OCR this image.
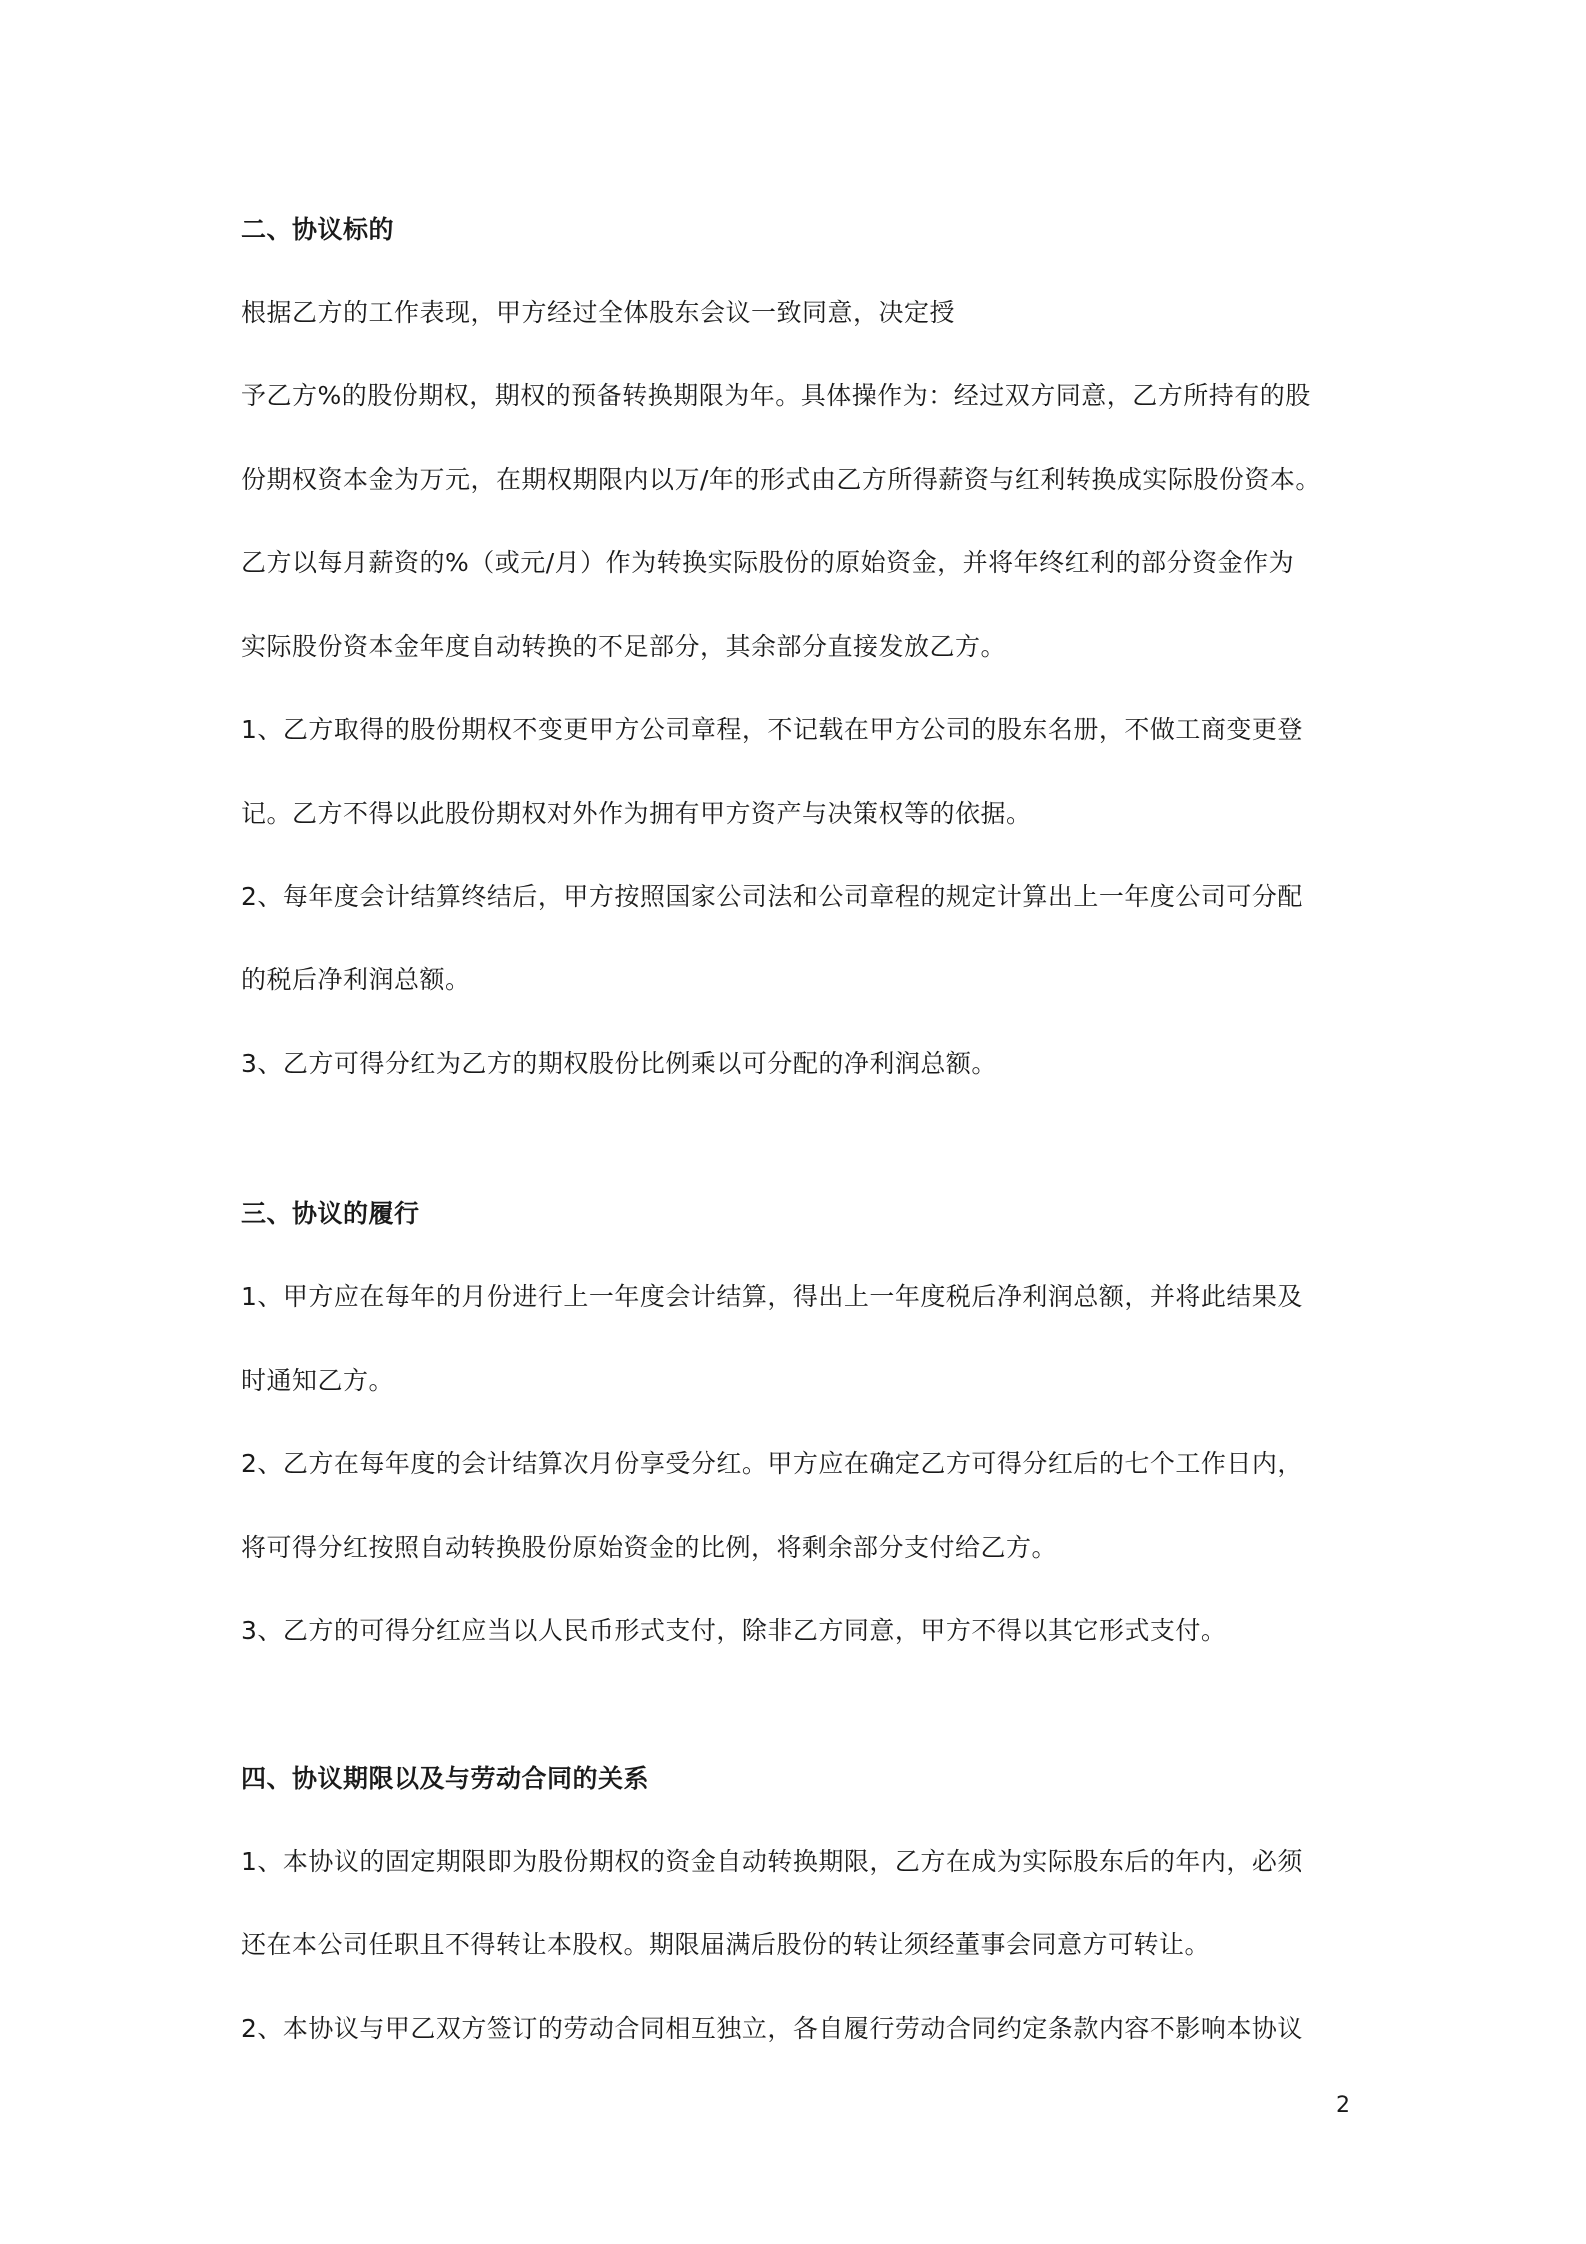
二、协议标的
根据乙方的工作表现，甲方经过全体股东会议一致同意，决定授
予乙方%的股份期权，期权的预备转换期限为年。具体操作为：经过双方同意，乙方所持有的股
份期权资本金为万元，在期权期限内以万/年的形式由乙方所得薪资与红利转换成实际股份资本。
乙方以每月薪资的%（或元/月）作为转换实际股份的原始资金，并将年终红利的部分资金作为
实际股份资本金年度自动转换的不足部分，其余部分直接发放乙方。
1、乙方取得的股份期权不变更甲方公司章程，不记载在甲方公司的股东名册，不做工商变更登
记。乙方不得以此股份期权对外作为拥有甲方资产与决策权等的依据。
2、每年度会计结算终结后，甲方按照国家公司法和公司章程的规定计算出上一年度公司可分配
的税后净利润总额。
3、乙方可得分红为乙方的期权股份比例乘以可分配的净利润总额。
三、协议的履行
1、甲方应在每年的月份进行上一年度会计结算，得出上一年度税后净利润总额，并将此结果及
时通知乙方。
2、乙方在每年度的会计结算次月份享受分红。甲方应在确定乙方可得分红后的七个工作日内，
将可得分红按照自动转换股份原始资金的比例，将剩余部分支付给乙方。
3、乙方的可得分红应当以人民币形式支付，除非乙方同意，甲方不得以其它形式支付。
四、协议期限以及与劳动合同的关系
1、本协议的固定期限即为股份期权的资金自动转换期限，乙方在成为实际股东后的年内，必须
还在本公司任职且不得转让本股权。期限届满后股份的转让须经董事会同意方可转让。
2、本协议与甲乙双方签订的劳动合同相互独立，各自履行劳动合同约定条款内容不影响本协议
2
